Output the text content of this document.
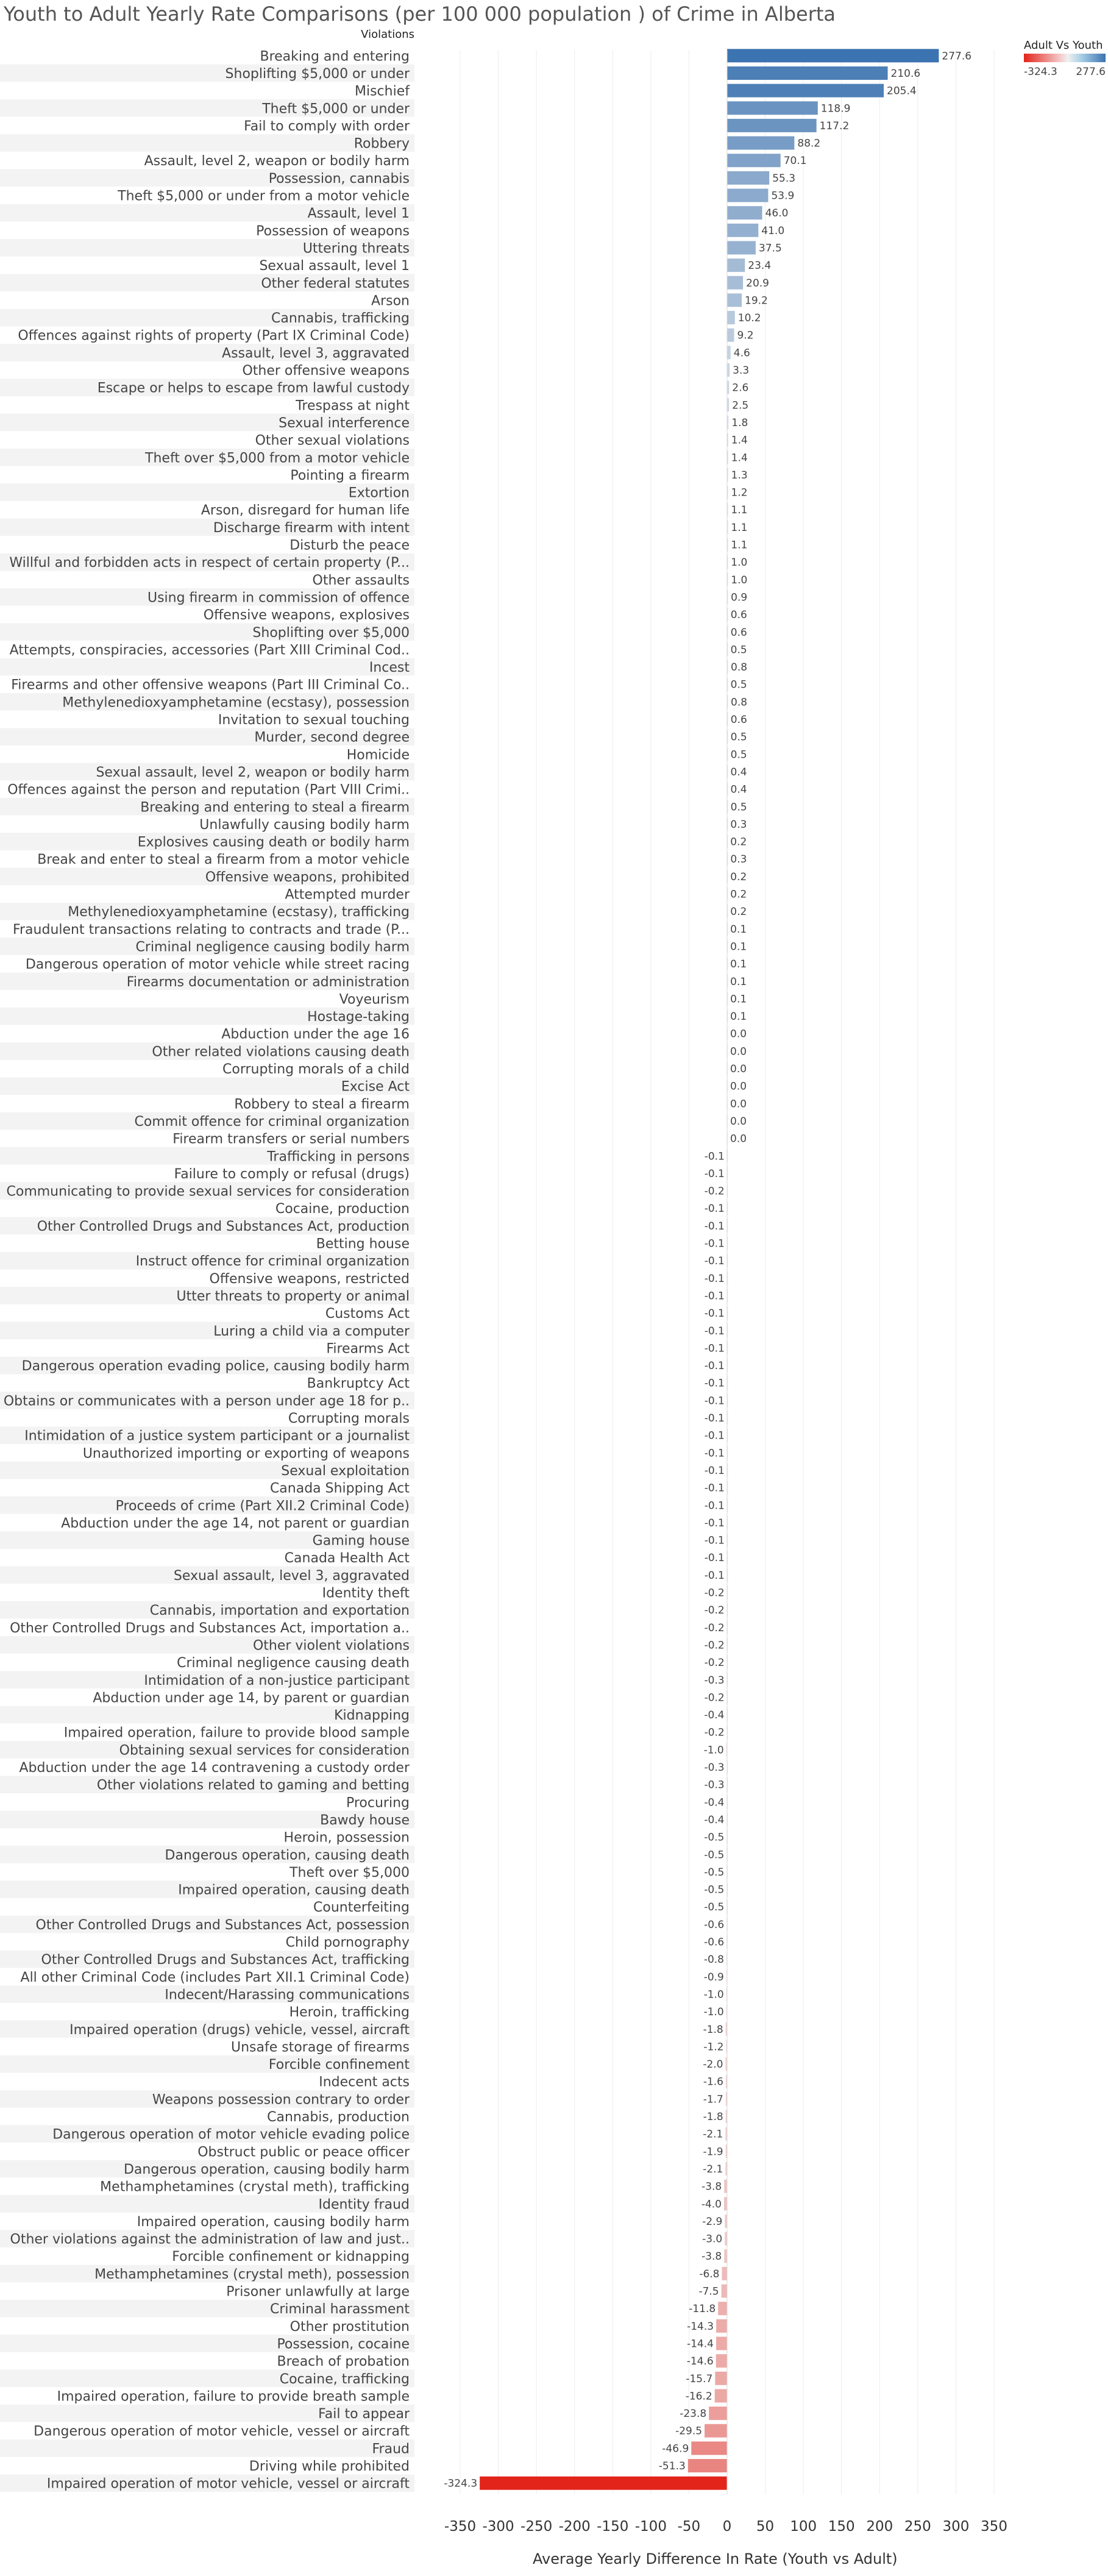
Youth to Adult Yearly Rate Comparisons (per 100 000 population ) of Crime in Alberta
Violations
Adult Vs Youth
-324.3 277.6
Breaking and entering	277.6
Shoplifting $5,000 or under	210.6
Mischief	205.4
Theft $5,000 or under	118.9
Fail to comply with order	117.2
Robbery	88.2
Assault, level 2, weapon or bodily harm	70.1
Possession, cannabis	55.3
Theft $5,000 or under from a motor vehicle	53.9
Assault, level 1	46.0
Possession of weapons	41.0
Uttering threats	37.5
Sexual assault, level 1	23.4
Other federal statutes	20.9
Arson	19.2
Cannabis, trafficking	10.2
Offences against rights of property (Part IX Criminal Code)	9.2
Assault, level 3, aggravated	4.6
Other offensive weapons	3.3
Escape or helps to escape from lawful custody	2.6
Trespass at night	2.5
Sexual interference	1.8
Other sexual violations	1.4
Theft over $5,000 from a motor vehicle	1.4
Pointing a firearm	1.3
Extortion	1.2
Arson, disregard for human life	1.1
Discharge firearm with intent	1.1
Disturb the peace	1.1
Willful and forbidden acts in respect of certain property (P...	1.0
Other assaults	1.0
Using firearm in commission of offence	0.9
Offensive weapons, explosives	0.6
Shoplifting over $5,000	0.6
Attempts, conspiracies, accessories (Part XIII Criminal Cod..	0.5
Incest	0.8
Firearms and other offensive weapons (Part III Criminal Co..	0.5
Methylenedioxyamphetamine (ecstasy), possession	0.8
Invitation to sexual touching	0.6
Murder, second degree	0.5
Homicide	0.5
Sexual assault, level 2, weapon or bodily harm	0.4
Offences against the person and reputation (Part VIII Crimi..	0.4
Breaking and entering to steal a firearm	0.5
Unlawfully causing bodily harm	0.3
Explosives causing death or bodily harm	0.2
Break and enter to steal a firearm from a motor vehicle	0.3
Offensive weapons, prohibited	0.2
Attempted murder	0.2
Methylenedioxyamphetamine (ecstasy), trafficking	0.2
Fraudulent transactions relating to contracts and trade (P...	0.1
Criminal negligence causing bodily harm	0.1
Dangerous operation of motor vehicle while street racing	0.1
Firearms documentation or administration	0.1
Voyeurism	0.1
Hostage-taking	0.1
Abduction under the age 16	0.0
Other related violations causing death	0.0
Corrupting morals of a child	0.0
Excise Act	0.0
Robbery to steal a firearm	0.0
Commit offence for criminal organization	0.0
Firearm transfers or serial numbers	0.0
Trafficking in persons	-0.1
Failure to comply or refusal (drugs)	-0.1
Communicating to provide sexual services for consideration	-0.2
Cocaine, production	-0.1
Other Controlled Drugs and Substances Act, production	-0.1
Betting house	-0.1
Instruct offence for criminal organization	-0.1
Offensive weapons, restricted	-0.1
Utter threats to property or animal	-0.1
Customs Act	-0.1
Luring a child via a computer	-0.1
Firearms Act	-0.1
Dangerous operation evading police, causing bodily harm	-0.1
Bankruptcy Act	-0.1
Obtains or communicates with a person under age 18 for p..	-0.1
Corrupting morals	-0.1
Intimidation of a justice system participant or a journalist	-0.1
Unauthorized importing or exporting of weapons	-0.1
Sexual exploitation	-0.1
Canada Shipping Act	-0.1
Proceeds of crime (Part XII.2 Criminal Code)	-0.1
Abduction under the age 14, not parent or guardian	-0.1
Gaming house	-0.1
Canada Health Act	-0.1
Sexual assault, level 3, aggravated	-0.1
Identity theft	-0.2
Cannabis, importation and exportation	-0.2
Other Controlled Drugs and Substances Act, importation a..	-0.2
Other violent violations	-0.2
Criminal negligence causing death	-0.2
Intimidation of a non-justice participant	-0.3
Abduction under age 14, by parent or guardian	-0.2
Kidnapping	-0.4
Impaired operation, failure to provide blood sample	-0.2
Obtaining sexual services for consideration	-1.0
Abduction under the age 14 contravening a custody order	-0.3
Other violations related to gaming and betting	-0.3
Procuring	-0.4
Bawdy house	-0.4
Heroin, possession	-0.5
Dangerous operation, causing death	-0.5
Theft over $5,000	-0.5
Impaired operation, causing death	-0.5
Counterfeiting	-0.5
Other Controlled Drugs and Substances Act, possession	-0.6
Child pornography	-0.6
Other Controlled Drugs and Substances Act, trafficking	-0.8
All other Criminal Code (includes Part XII.1 Criminal Code)	-0.9
Indecent/Harassing communications	-1.0
Heroin, trafficking	-1.0
Impaired operation (drugs) vehicle, vessel, aircraft	-1.8
Unsafe storage of firearms	-1.2
Forcible confinement	-2.0
Indecent acts	-1.6
Weapons possession contrary to order	-1.7
Cannabis, production	-1.8
Dangerous operation of motor vehicle evading police	-2.1
Obstruct public or peace officer	-1.9
Dangerous operation, causing bodily harm	-2.1
Methamphetamines (crystal meth), trafficking	-3.8
Identity fraud	-4.0
Impaired operation, causing bodily harm	-2.9
Other violations against the administration of law and just..	-3.0
Forcible confinement or kidnapping	-3.8
Methamphetamines (crystal meth), possession	-6.8
Prisoner unlawfully at large	-7.5
Criminal harassment	-11.8
Other prostitution	-14.3
Possession, cocaine	-14.4
Breach of probation	-14.6
Cocaine, trafficking	-15.7
Impaired operation, failure to provide breath sample	-16.2
Fail to appear	-23.8
Dangerous operation of motor vehicle, vessel or aircraft	-29.5
Fraud	-46.9
Driving while prohibited	-51.3
Impaired operation of motor vehicle, vessel or aircraft	-324.3
-350 -300 -250 -200 -150 -100 -50 0 50 100 150 200 250 300 350
Average Yearly Difference In Rate (Youth vs Adult)
